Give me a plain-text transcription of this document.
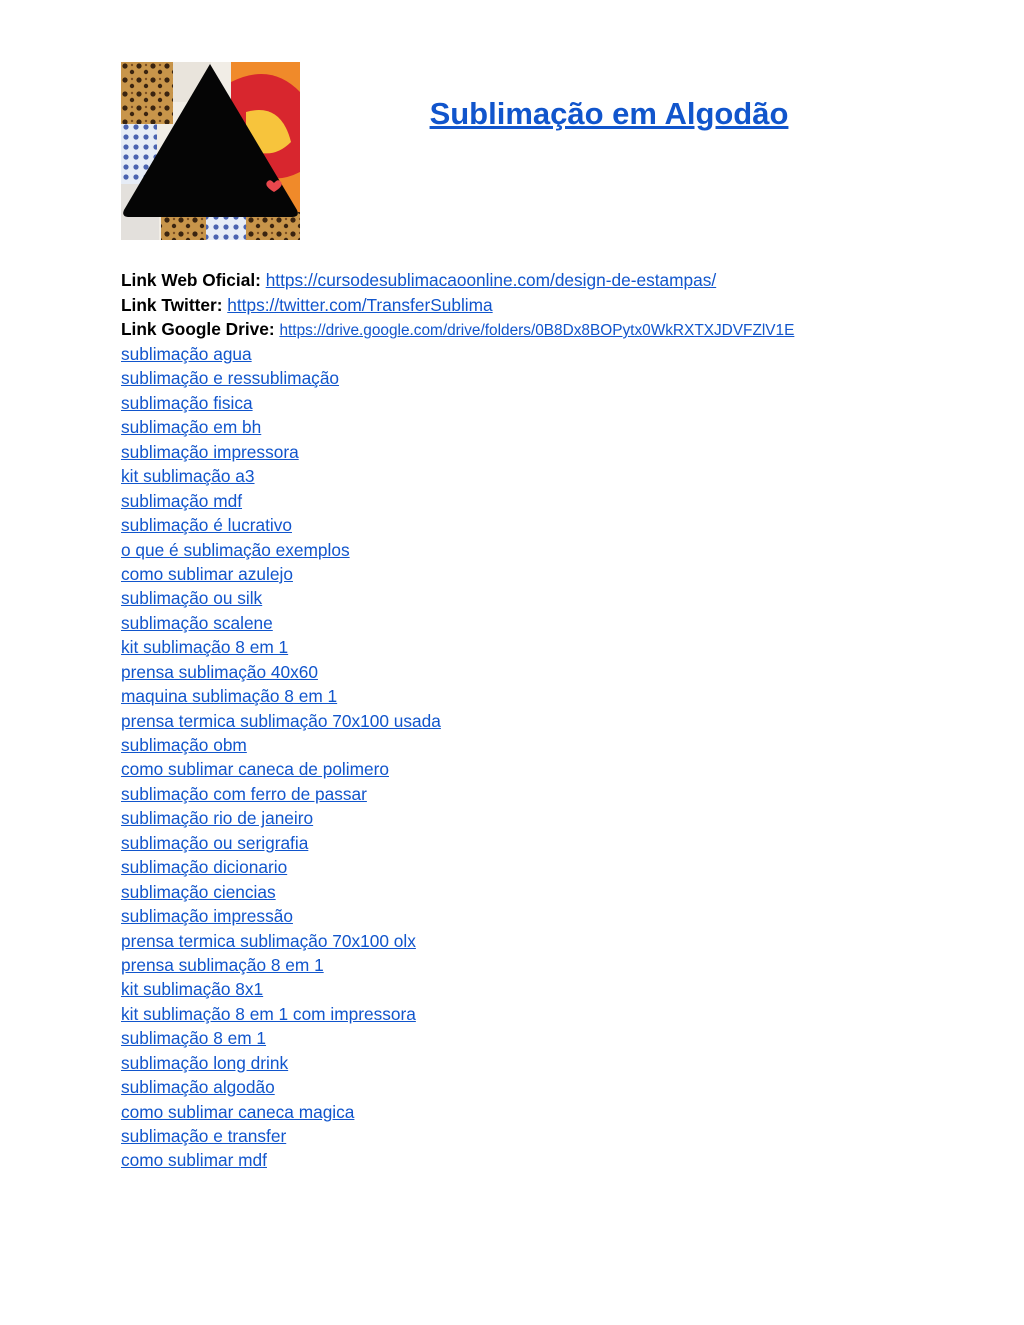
Sublimação em Algodão
Link Web Oficial: https://cursodesublimacaoonline.com/design-de-estampas/
Link Twitter: https://twitter.com/TransferSublima
Link Google Drive: https://drive.google.com/drive/folders/0B8Dx8BOPytx0WkRXTXJDVFZlV1E
sublimação agua
sublimação e ressublimação
sublimação fisica
sublimação em bh
sublimação impressora
kit sublimação a3
sublimação mdf
sublimação é lucrativo
o que é sublimação exemplos
como sublimar azulejo
sublimação ou silk
sublimação scalene
kit sublimação 8 em 1
prensa sublimação 40x60
maquina sublimação 8 em 1
prensa termica sublimação 70x100 usada
sublimação obm
como sublimar caneca de polimero
sublimação com ferro de passar
sublimação rio de janeiro
sublimação ou serigrafia
sublimação dicionario
sublimação ciencias
sublimação impressão
prensa termica sublimação 70x100 olx
prensa sublimação 8 em 1
kit sublimação 8x1
kit sublimação 8 em 1 com impressora
sublimação 8 em 1
sublimação long drink
sublimação algodão
como sublimar caneca magica
sublimação e transfer
como sublimar mdf
